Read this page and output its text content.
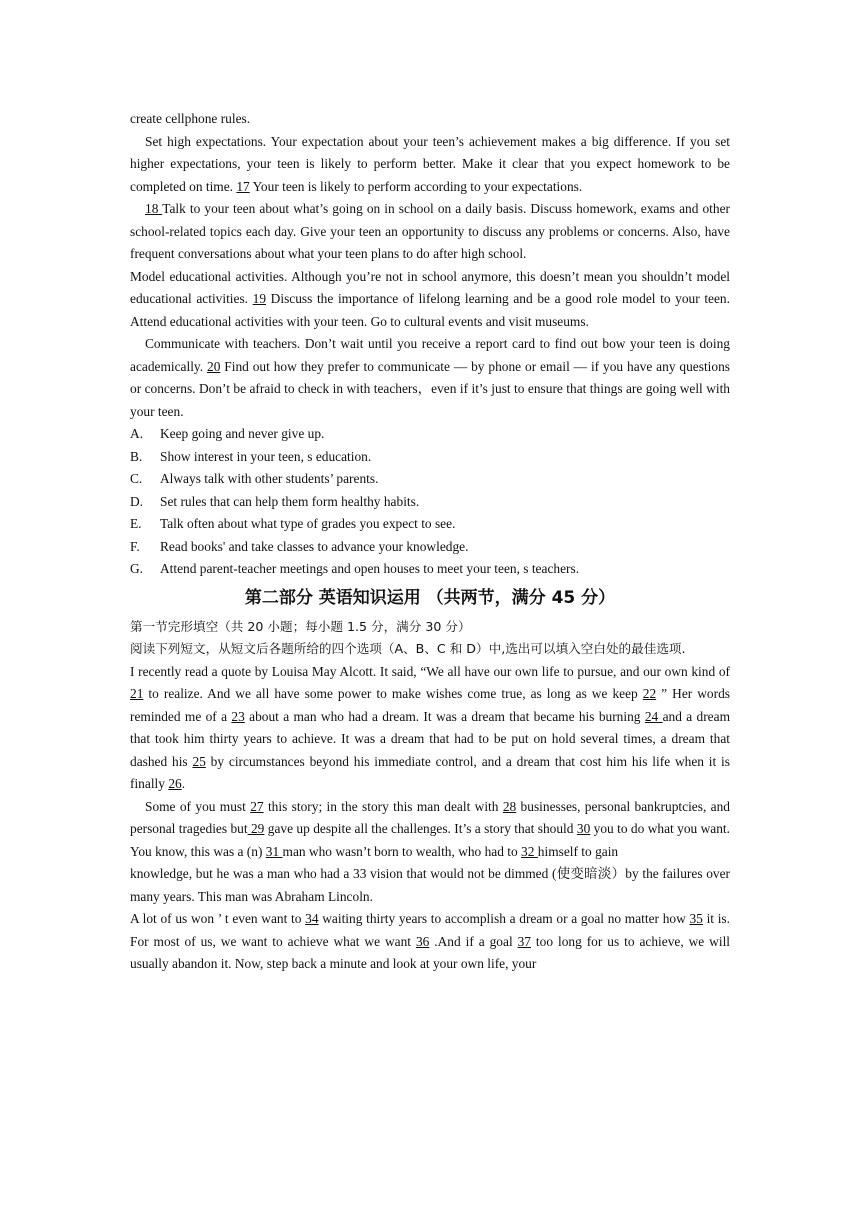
create cellphone rules.

Set high expectations. Your expectation about your teen’s achievement makes a big difference. If you set higher expectations, your teen is likely to perform better. Make it clear that you expect homework to be completed on time. 17 Your teen is likely to perform according to your expectations.

18 Talk to your teen about what’s going on in school on a daily basis. Discuss homework, exams and other school-related topics each day. Give your teen an opportunity to discuss any problems or concerns. Also, have frequent conversations about what your teen plans to do after high school.

Model educational activities. Although you’re not in school anymore, this doesn’t mean you shouldn’t model educational activities. 19 Discuss the importance of lifelong learning and be a good role model to your teen. Attend educational activities with your teen. Go to cultural events and visit museums.

Communicate with teachers. Don’t wait until you receive a report card to find out bow your teen is doing academically. 20 Find out how they prefer to communicate — by phone or email — if you have any questions or concerns. Don’t be afraid to check in with teachers，even if it’s just to ensure that things are going well with your teen.

A.	Keep going and never give up.
B.	Show interest in your teen, s education.
C.	Always talk with other students’ parents.
D.	Set rules that can help them form healthy habits.
E.	Talk often about what type of grades you expect to see.
F.	Read books' and take classes to advance your knowledge.
G.	Attend parent-teacher meetings and open houses to meet your teen, s teachers.
第二部分 英语知识运用 （共两节，满分 45 分）

第一节完形填空（共 20 小题；每小题 1.5 分，满分 30 分）

阅读下列短文，从短文后各题所给的四个选项（A、B、C 和 D）中,选出可以填入空白处的最佳选项.

I recently read a quote by Louisa May Alcott. It said, “We all have our own life to pursue, and our own kind of 21 to realize. And we all have some power to make wishes come true, as long as we keep 22 ” Her words reminded me of a 23 about a man who had a dream. It was a dream that became his burning 24 and a dream that took him thirty years to achieve. It was a dream that had to be put on hold several times, a dream that dashed his 25 by circumstances beyond his immediate control, and a dream that cost him his life when it is finally 26.

Some of you must 27 this story; in the story this man dealt with 28 businesses, personal bankruptcies, and personal tragedies but 29 gave up despite all the challenges. It’s a story that should 30 you to do what you want. You know, this was a (n) 31 man who wasn’t born to wealth, who had to 32 himself to gain

knowledge, but he was a man who had a 33 vision that would not be dimmed (使变暗淡）by the failures over many years. This man was Abraham Lincoln.

A lot of us won ’ t even want to 34 waiting thirty years to accomplish a dream or a goal no matter how 35 it is. For most of us, we want to achieve what we want 36 .And if a goal 37 too long for us to achieve, we will usually abandon it. Now, step back a minute and look at your own life, your
